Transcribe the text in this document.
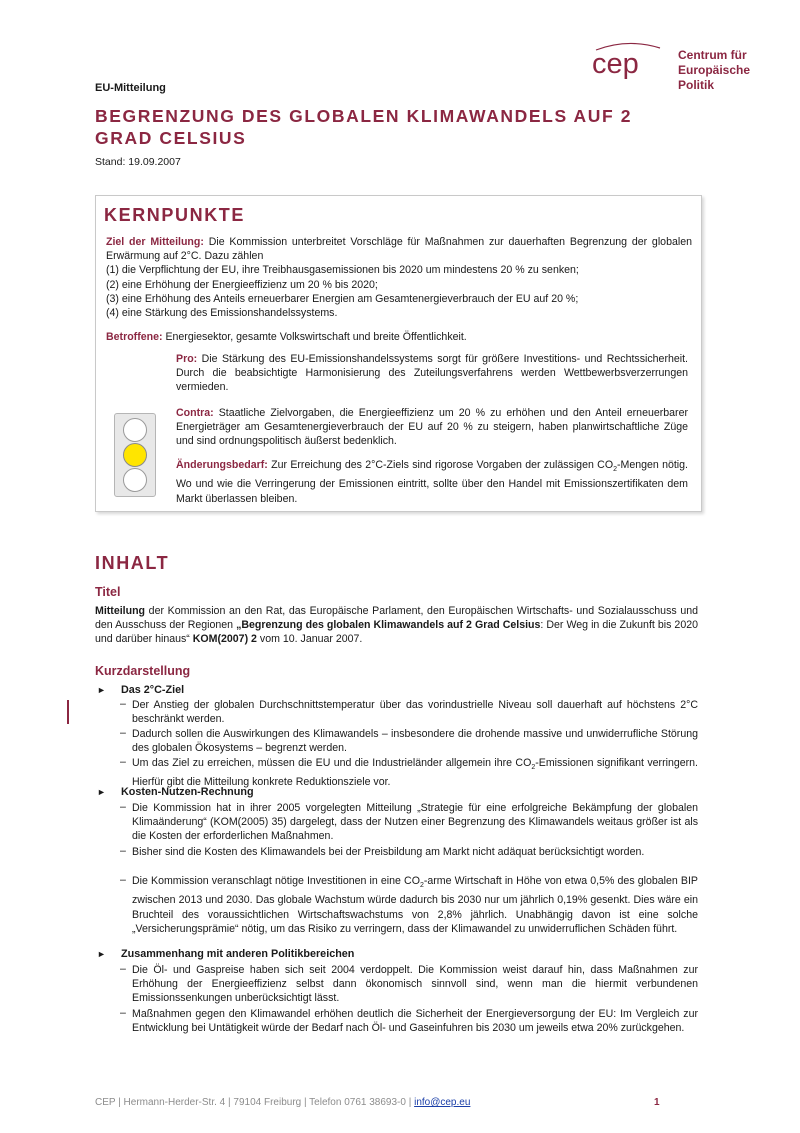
cep	Centrum für
Europäische
Politik
EU-Mitteilung
BEGRENZUNG DES GLOBALEN KLIMAWANDELS AUF 2
GRAD CELSIUS
Stand: 19.09.2007
KERNPUNKTE
Ziel der Mitteilung: Die Kommission unterbreitet Vorschläge für Maßnahmen zur dauerhaften Begrenzung der globalen Erwärmung auf 2°C. Dazu zählen
(1) die Verpflichtung der EU, ihre Treibhausgasemissionen bis 2020 um mindestens 20 % zu senken;
(2) eine Erhöhung der Energieeffizienz um 20 % bis 2020;
(3) eine Erhöhung des Anteils erneuerbarer Energien am Gesamtenergieverbrauch der EU auf 20 %;
(4) eine Stärkung des Emissionshandelssystems.
Betroffene: Energiesektor, gesamte Volkswirtschaft und breite Öffentlichkeit.
Pro: Die Stärkung des EU-Emissionshandelssystems sorgt für größere Investitions- und Rechtssicherheit. Durch die beabsichtigte Harmonisierung des Zuteilungsverfahrens werden Wettbewerbsverzerrungen vermieden.
Contra: Staatliche Zielvorgaben, die Energieeffizienz um 20 % zu erhöhen und den Anteil erneuerbarer Energieträger am Gesamtenergieverbrauch der EU auf 20 % zu steigern, haben planwirtschaftliche Züge und sind ordnungspolitisch äußerst bedenklich.
Änderungsbedarf: Zur Erreichung des 2°C-Ziels sind rigorose Vorgaben der zulässigen $CO_2$-Mengen nötig. Wo und wie die Verringerung der Emissionen eintritt, sollte über den Handel mit Emissionszertifikaten dem Markt überlassen bleiben.
INHALT
Titel
Mitteilung der Kommission an den Rat, das Europäische Parlament, den Europäischen Wirtschafts- und Sozialausschuss und den Ausschuss der Regionen „Begrenzung des globalen Klimawandels auf 2 Grad Celsius: Der Weg in die Zukunft bis 2020 und darüber hinaus“ KOM(2007) 2 vom 10. Januar 2007.
Kurzdarstellung
► Das 2°C-Ziel
– Der Anstieg der globalen Durchschnittstemperatur über das vorindustrielle Niveau soll dauerhaft auf höchstens 2°C beschränkt werden.
– Dadurch sollen die Auswirkungen des Klimawandels – insbesondere die drohende massive und unwiderrufliche Störung des globalen Ökosystems – begrenzt werden.
– Um das Ziel zu erreichen, müssen die EU und die Industrieländer allgemein ihre $CO_2$-Emissionen signifikant verringern. Hierfür gibt die Mitteilung konkrete Reduktionsziele vor.
► Kosten-Nutzen-Rechnung
– Die Kommission hat in ihrer 2005 vorgelegten Mitteilung „Strategie für eine erfolgreiche Bekämpfung der globalen Klimaänderung“ (KOM(2005) 35) dargelegt, dass der Nutzen einer Begrenzung des Klimawandels weitaus größer ist als die Kosten der erforderlichen Maßnahmen.
– Bisher sind die Kosten des Klimawandels bei der Preisbildung am Markt nicht adäquat berücksichtigt worden.
– Die Kommission veranschlagt nötige Investitionen in eine $CO_2$-arme Wirtschaft in Höhe von etwa 0,5% des globalen BIP zwischen 2013 und 2030. Das globale Wachstum würde dadurch bis 2030 nur um jährlich 0,19% gesenkt. Dies wäre ein Bruchteil des voraussichtlichen Wirtschaftswachstums von 2,8% jährlich. Unabhängig davon ist eine solche „Versicherungsprämie“ nötig, um das Risiko zu verringern, dass der Klimawandel zu unwiderruflichen Schäden führt.
► Zusammenhang mit anderen Politikbereichen
– Die Öl- und Gaspreise haben sich seit 2004 verdoppelt. Die Kommission weist darauf hin, dass Maßnahmen zur Erhöhung der Energieeffizienz selbst dann ökonomisch sinnvoll sind, wenn man die hiermit verbundenen Emissionssenkungen unberücksichtigt lässt.
– Maßnahmen gegen den Klimawandel erhöhen deutlich die Sicherheit der Energieversorgung der EU: Im Vergleich zur Entwicklung bei Untätigkeit würde der Bedarf nach Öl- und Gaseinfuhren bis 2030 um jeweils etwa 20% zurückgehen.
CEP | Hermann-Herder-Str. 4 | 79104 Freiburg | Telefon 0761 38693-0 | info@cep.eu	1
